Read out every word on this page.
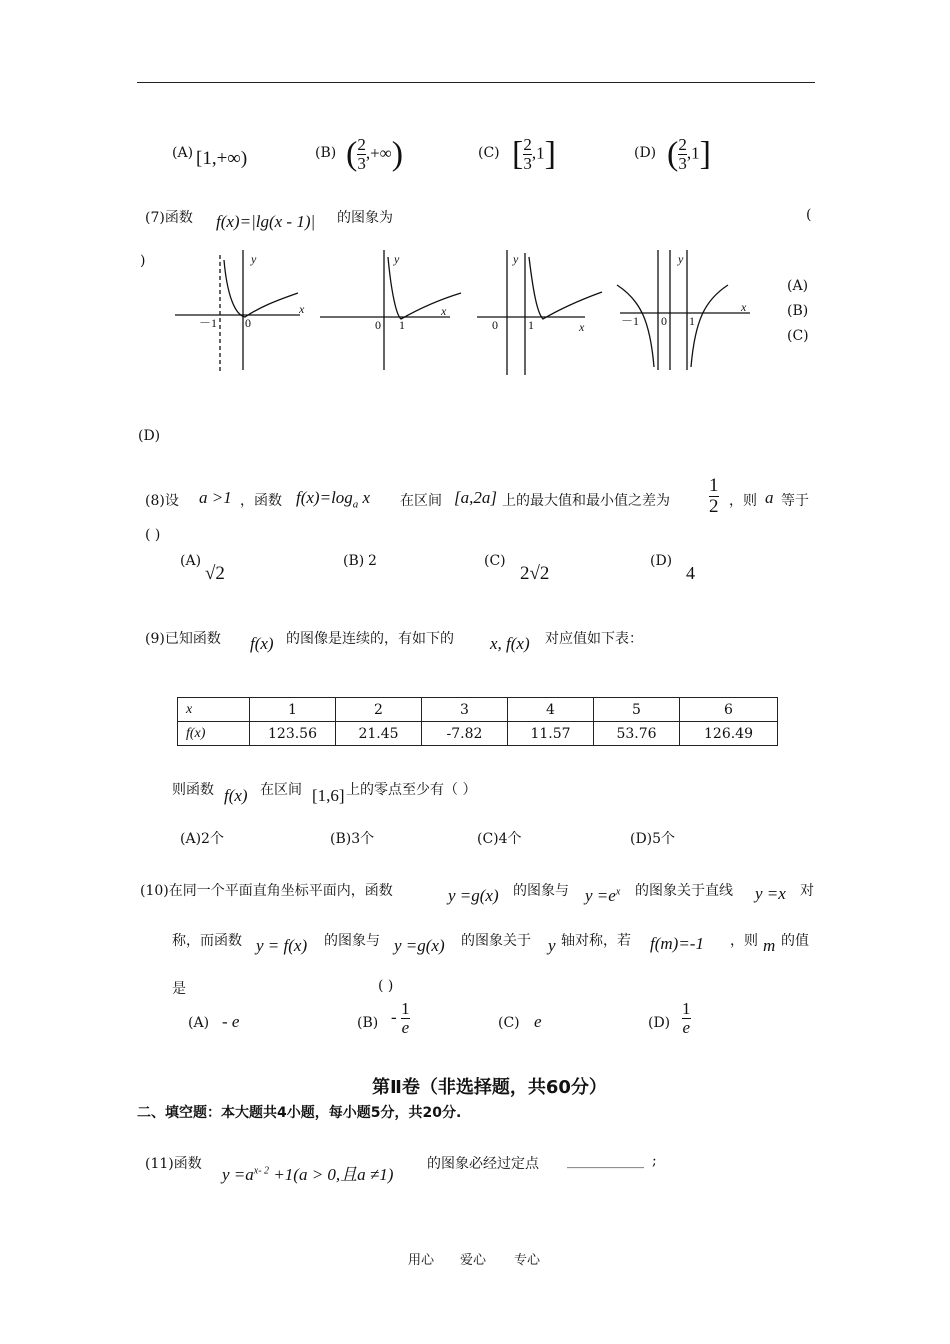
(A) [1,+∞)	(B) ( $\frac{2}{3}$ ,+∞)	(C) [ $\frac{2}{3} ,1$]	(D) ( $\frac{2}{3} ,1$]
(7)函数 f(x)=|lg(x - 1)| 的图象为	(
)	y
x
－1 0
y
x
0 1
y
x
0	1
y
x
－1 0 1
(A)
(B)
(C)
(D)
(8)设 a >1 ，函数 $f(x)=\log_a$ x 在区间 [a,2a] 上的最大值和最小值之差为 $\frac{1}{2}$ ，则 a 等于
( )
(A)
√2
(B) 2	(C)
2√2
(D)
4
(9)已知函数 f(x) 的图像是连续的，有如下的 x, f(x) 对应值如下表：
x	1	2	3	4	5	6
f(x)	123.56	21.45	-7.82	11.57	53.76	126.49
则函数 f(x) 在区间 [1,6] 上的零点至少有（ ）
(A)2个	(B)3个	(C)4个	(D)5个
(10)在同一个平面直角坐标平面内，函数	y =g(x) 的图象与 $y =e^x$ 的图象关于直线 y =x 对
称，而函数 y = f(x) 的图象与 y =g(x) 的图象关于 y 轴对称，若 f(m)=-1 ，则 m 的值
是	( )
(A) - e	$(B) - \frac{1}{e}$	(C) e	$(D) \frac{1}{e}$
第Ⅱ卷（非选择题，共60分）
二、填空题：本大题共4小题，每小题5分，共20分.
(11)函数
$y =a^{x- 2} +1(a > 0$,且a ≠1)
的图象必经过定点 ___________ ;
用心 爱心 专心
